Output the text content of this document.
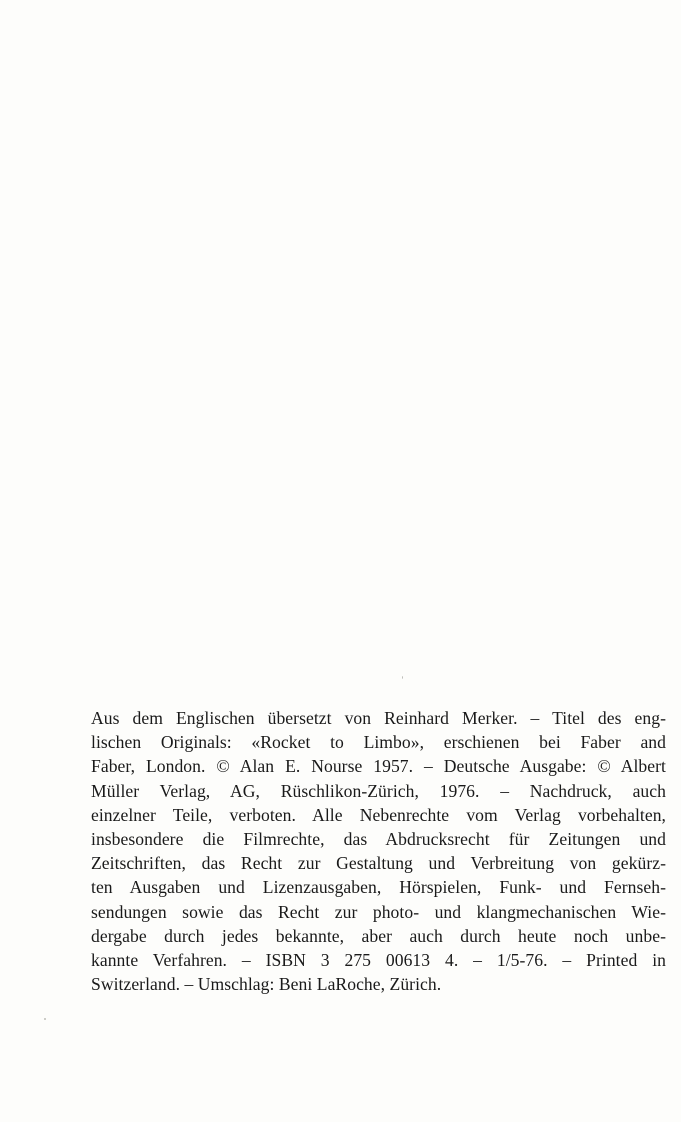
Aus dem Englischen übersetzt von Reinhard Merker. – Titel des eng-
lischen Originals: «Rocket to Limbo», erschienen bei Faber and
Faber, London. © Alan E. Nourse 1957. – Deutsche Ausgabe: © Albert
Müller Verlag, AG, Rüschlikon-Zürich, 1976. – Nachdruck, auch
einzelner Teile, verboten. Alle Nebenrechte vom Verlag vorbehalten,
insbesondere die Filmrechte, das Abdrucksrecht für Zeitungen und
Zeitschriften, das Recht zur Gestaltung und Verbreitung von gekürz-
ten Ausgaben und Lizenzausgaben, Hörspielen, Funk- und Fernseh-
sendungen sowie das Recht zur photo- und klangmechanischen Wie-
dergabe durch jedes bekannte, aber auch durch heute noch unbe-
kannte Verfahren. – ISBN 3 275 00613 4. – 1/5-76. – Printed in
Switzerland. – Umschlag: Beni LaRoche, Zürich.
